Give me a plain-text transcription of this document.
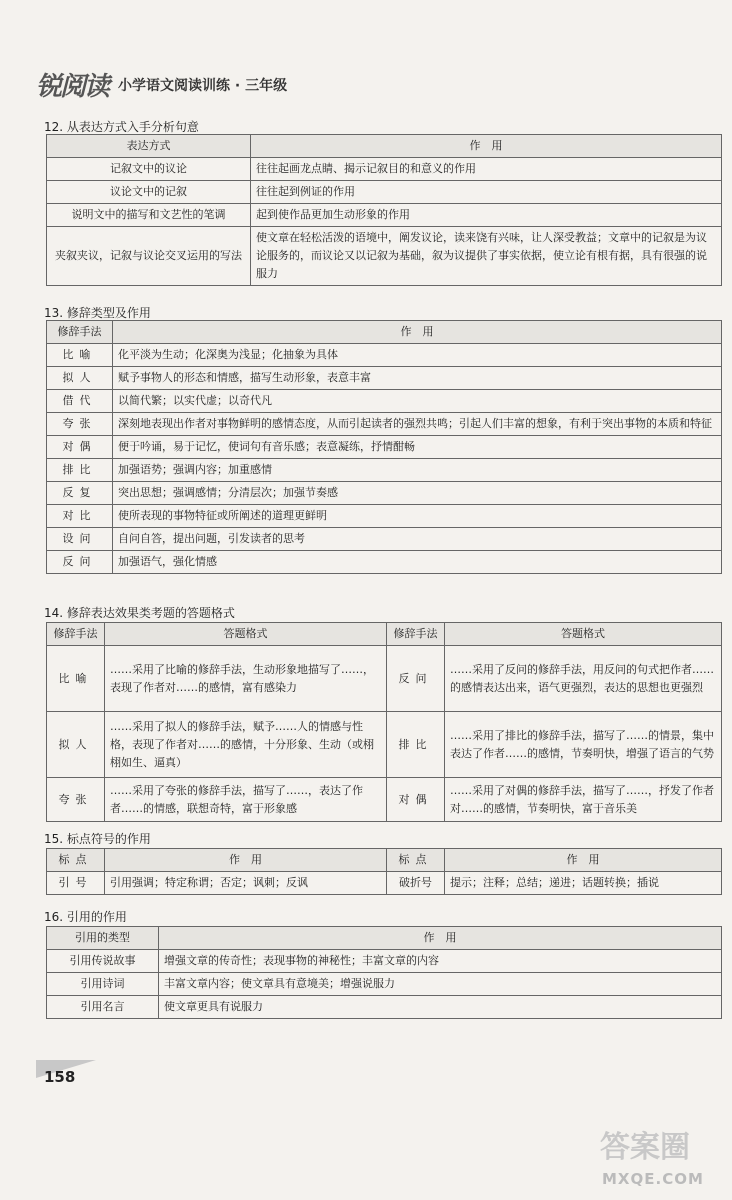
锐阅读 小学语文阅读训练 · 三年级
12. 从表达方式入手分析句意
表达方式	作　用
记叙文中的议论	往往起画龙点睛、揭示记叙目的和意义的作用
议论文中的记叙	往往起到例证的作用
说明文中的描写和文艺性的笔调	起到使作品更加生动形象的作用
夹叙夹议，记叙与议论交叉运用的写法	使文章在轻松活泼的语境中，阐发议论，读来饶有兴味，让人深受教益；文章中的记叙是为议论服务的，而议论又以记叙为基础，叙为议提供了事实依据，使立论有根有据，具有很强的说服力
13. 修辞类型及作用
修辞手法	作　用
比喻	化平淡为生动；化深奥为浅显；化抽象为具体
拟人	赋予事物人的形态和情感，描写生动形象，表意丰富
借代	以简代繁；以实代虚；以奇代凡
夸张	深刻地表现出作者对事物鲜明的感情态度，从而引起读者的强烈共鸣；引起人们丰富的想象，有利于突出事物的本质和特征
对偶	便于吟诵，易于记忆，使词句有音乐感；表意凝练，抒情酣畅
排比	加强语势；强调内容；加重感情
反复	突出思想；强调感情；分清层次；加强节奏感
对比	使所表现的事物特征或所阐述的道理更鲜明
设问	自问自答，提出问题，引发读者的思考
反问	加强语气，强化情感
14. 修辞表达效果类考题的答题格式
修辞手法	答题格式	修辞手法	答题格式
比喻	……采用了比喻的修辞手法，生动形象地描写了……，表现了作者对……的感情，富有感染力	反问	……采用了反问的修辞手法，用反问的句式把作者……的感情表达出来，语气更强烈，表达的思想也更强烈
拟人	……采用了拟人的修辞手法，赋予……人的情感与性格，表现了作者对……的感情，十分形象、生动（或栩栩如生、逼真）	排比	……采用了排比的修辞手法，描写了……的情景，集中表达了作者……的感情，节奏明快，增强了语言的气势
夸张	……采用了夸张的修辞手法，描写了……，表达了作者……的情感，联想奇特，富于形象感	对偶	……采用了对偶的修辞手法，描写了……，抒发了作者对……的感情，节奏明快，富于音乐美
15. 标点符号的作用
标点	作　用	标点	作　用
引号	引用强调；特定称谓；否定；讽刺；反讽	破折号	提示；注释；总结；递进；话题转换；插说
16. 引用的作用
引用的类型	作　用
引用传说故事	增强文章的传奇性；表现事物的神秘性；丰富文章的内容
引用诗词	丰富文章内容；使文章具有意境美；增强说服力
引用名言	使文章更具有说服力
158
答案圈
MXQE.COM
